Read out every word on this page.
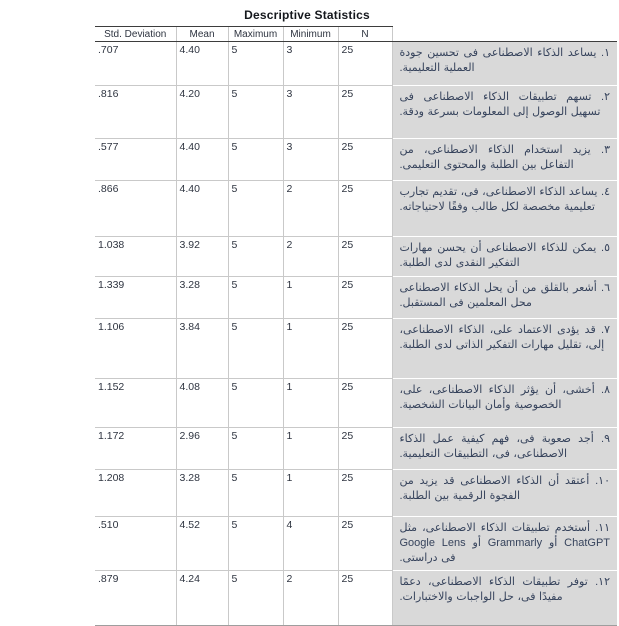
Descriptive Statistics
Std. Deviation	Mean	Maximum	Minimum	N	
.707	4.40	5	3	25	١. يساعد الذكاء الاصطناعى فى تحسين جودة العملية التعليمية.
.816	4.20	5	3	25	٢. تسهم تطبيقات الذكاء الاصطناعى فى تسهيل الوصول إلى المعلومات بسرعة ودقة.
.577	4.40	5	3	25	٣. يزيد استخدام الذكاء الاصطناعى، من التفاعل بين الطلبة والمحتوى التعليمى.
.866	4.40	5	2	25	٤. يساعد الذكاء الاصطناعى، فى، تقديم تجارب تعليمية مخصصة لكل طالب وفقًا لاحتياجاته.
1.038	3.92	5	2	25	٥. يمكن للذكاء الاصطناعى أن يحسن مهارات التفكير النقدى لدى الطلبة.
1.339	3.28	5	1	25	٦. أشعر بالقلق من أن يحل الذكاء الاصطناعى محل المعلمين فى المستقبل.
1.106	3.84	5	1	25	٧. قد يؤدى الاعتماد على، الذكاء الاصطناعى، إلى، تقليل مهارات التفكير الذاتى لدى الطلبة.
1.152	4.08	5	1	25	٨. أخشى، أن يؤثر الذكاء الاصطناعى، على، الخصوصية وأمان البيانات الشخصية.
1.172	2.96	5	1	25	٩. أجد صعوبة فى، فهم كيفية عمل الذكاء الاصطناعى، فى، التطبيقات التعليمية.
1.208	3.28	5	1	25	١٠. أعتقد أن الذكاء الاصطناعى قد يزيد من الفجوة الرقمية بين الطلبة.
.510	4.52	5	4	25	١١. أستخدم تطبيقات الذكاء الاصطناعى، مثل ChatGPT أو Grammarly أو Google Lens فى دراستى.
.879	4.24	5	2	25	١٢. توفر تطبيقات الذكاء الاصطناعى، دعمًا مفيدًا فى، حل الواجبات والاختبارات.
